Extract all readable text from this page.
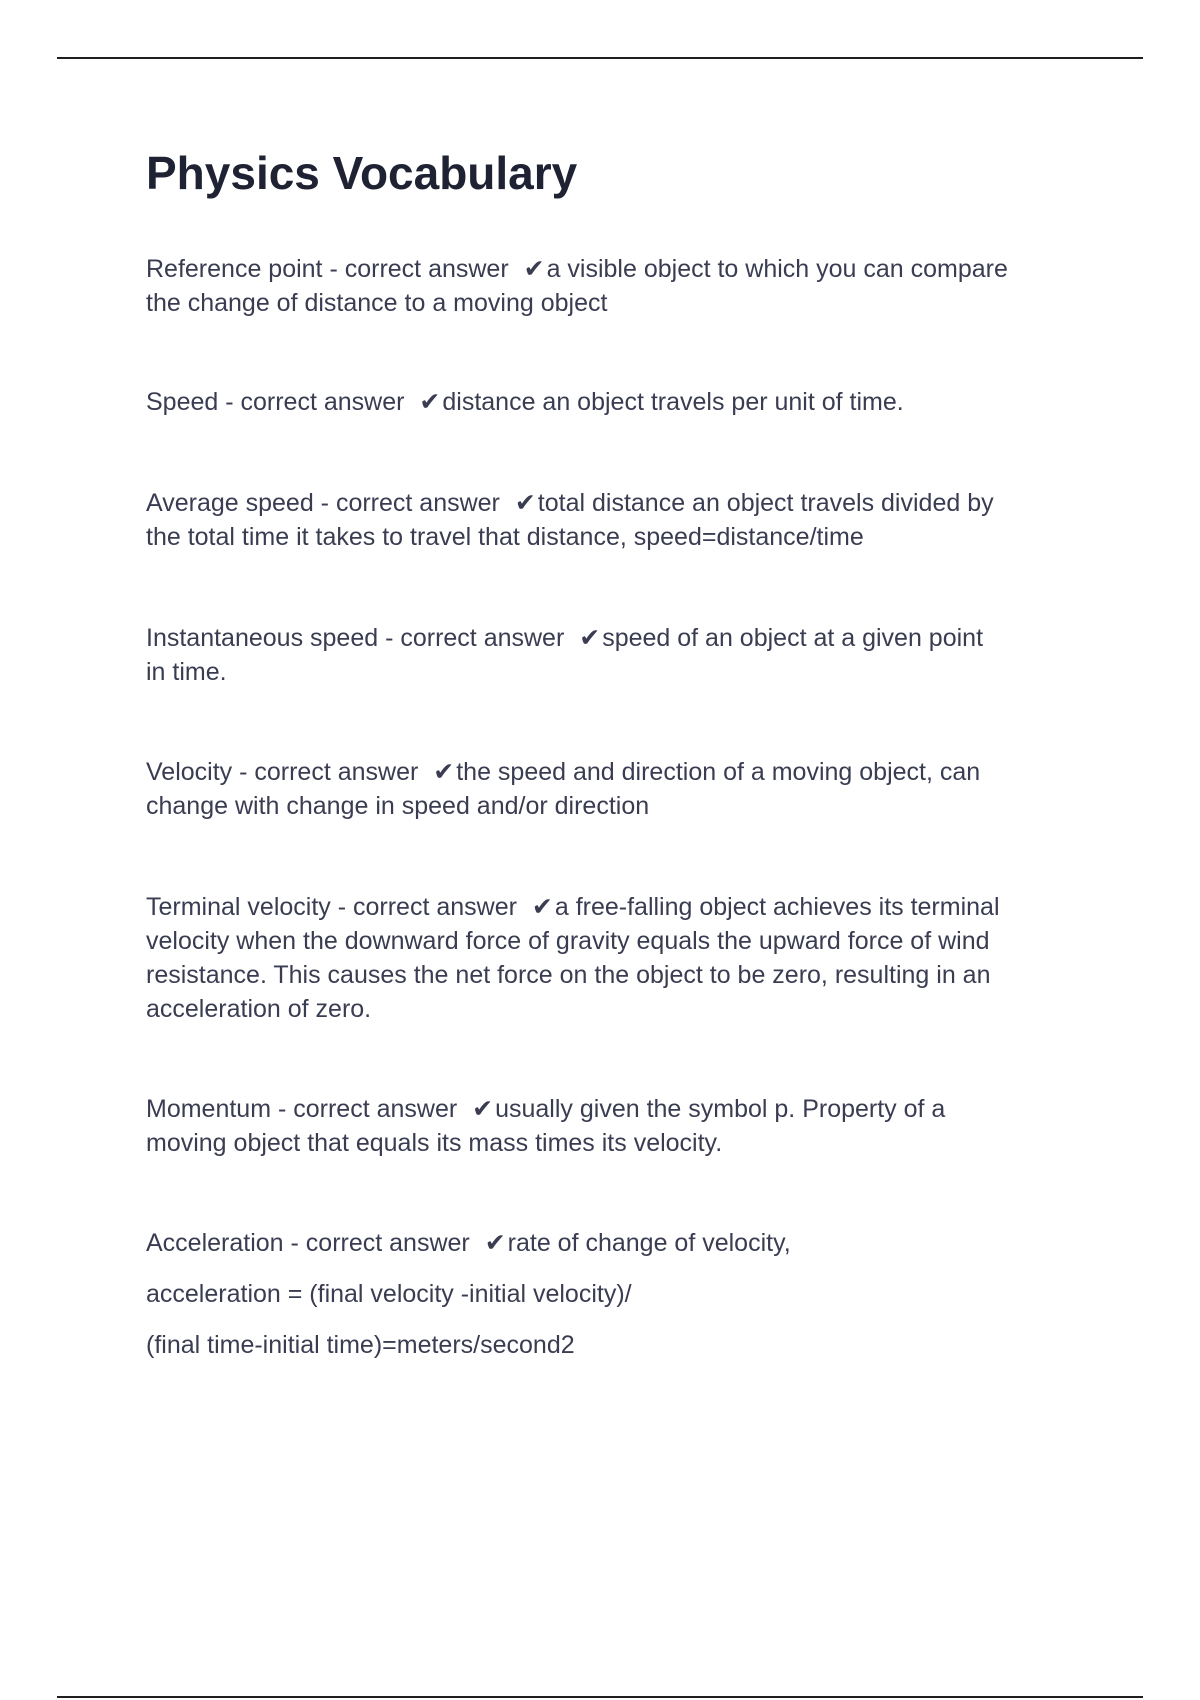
Physics Vocabulary
Reference point - correct answer ✔a visible object to which you can compare
the change of distance to a moving object
Speed - correct answer ✔distance an object travels per unit of time.
Average speed - correct answer ✔total distance an object travels divided by
the total time it takes to travel that distance, speed=distance/time
Instantaneous speed - correct answer ✔speed of an object at a given point
in time.
Velocity - correct answer ✔the speed and direction of a moving object, can
change with change in speed and/or direction
Terminal velocity - correct answer ✔a free-falling object achieves its terminal
velocity when the downward force of gravity equals the upward force of wind
resistance. This causes the net force on the object to be zero, resulting in an
acceleration of zero.
Momentum - correct answer ✔usually given the symbol p. Property of a
moving object that equals its mass times its velocity.
Acceleration - correct answer ✔rate of change of velocity,
acceleration = (final velocity -initial velocity)/
(final time-initial time)=meters/second2
